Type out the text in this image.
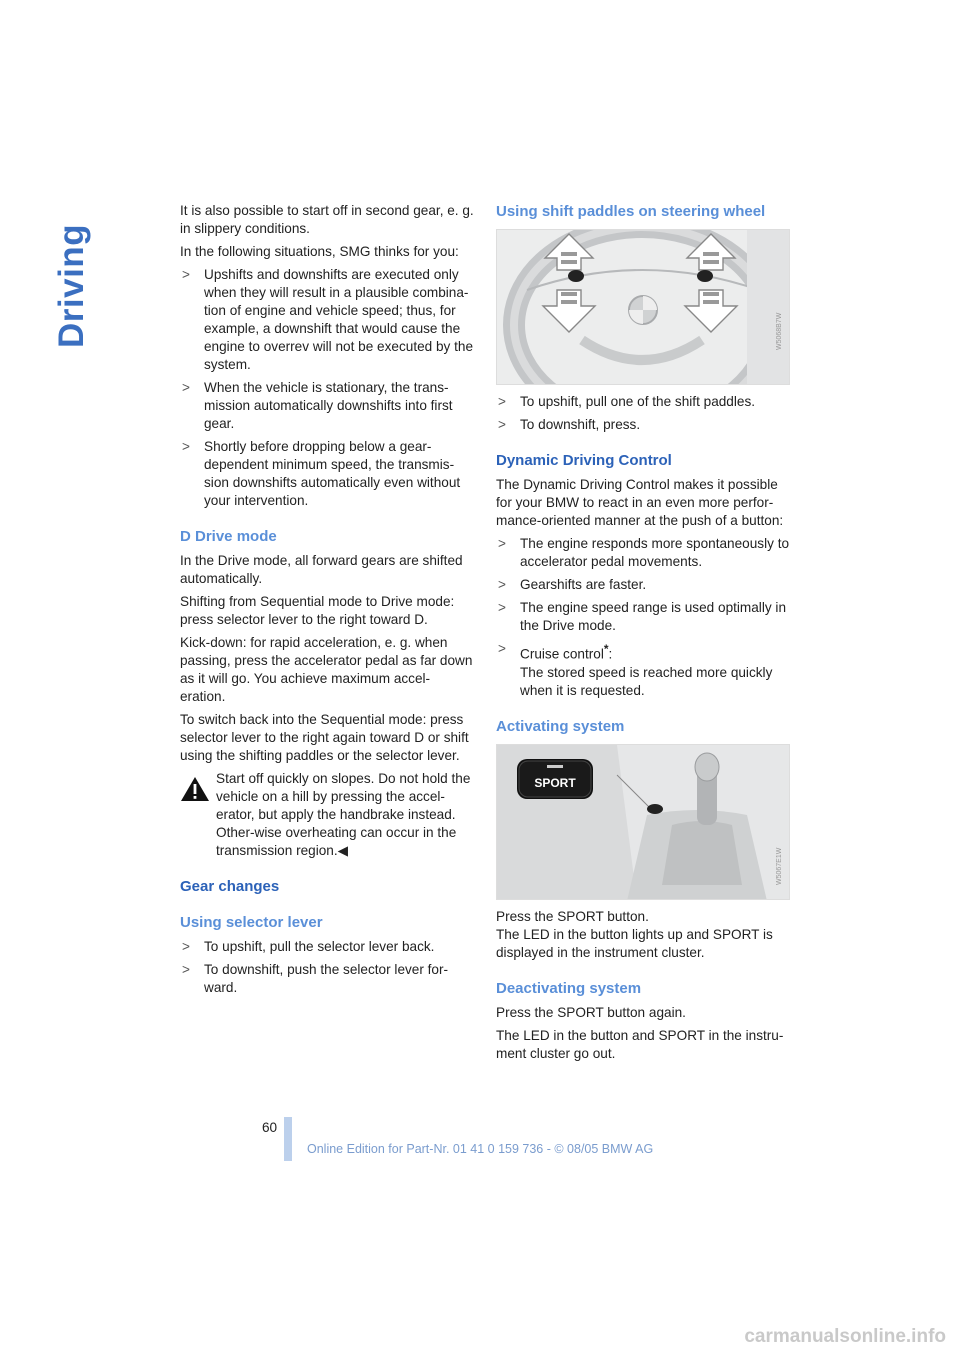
Driving

It is also possible to start off in second gear, e. g. in slippery conditions.

In the following situations, SMG thinks for you:

> Upshifts and downshifts are executed only when they will result in a plausible combina-tion of engine and vehicle speed; thus, for example, a downshift that would cause the engine to overrev will not be executed by the system.
> When the vehicle is stationary, the trans-mission automatically downshifts into first gear.
> Shortly before dropping below a gear-dependent minimum speed, the transmis-sion downshifts automatically even without your intervention.
D Drive mode

In the Drive mode, all forward gears are shifted automatically.

Shifting from Sequential mode to Drive mode: press selector lever to the right toward D.

Kick-down: for rapid acceleration, e. g. when passing, press the accelerator pedal as far down as it will go. You achieve maximum accel-eration.

To switch back into the Sequential mode: press selector lever to the right again toward D or shift using the shifting paddles or the selector lever.

Start off quickly on slopes. Do not hold the vehicle on a hill by pressing the accel-erator, but apply the handbrake instead. Other-wise overheating can occur in the transmission region.◀
Gear changes
Using selector lever
> To upshift, pull the selector lever back.
> To downshift, push the selector lever for-ward.
Using shift paddles on steering wheel
W5068B7W
> To upshift, pull one of the shift paddles.
> To downshift, press.
Dynamic Driving Control

The Dynamic Driving Control makes it possible for your BMW to react in an even more perfor-mance-oriented manner at the push of a button:

> The engine responds more spontaneously to accelerator pedal movements.
> Gearshifts are faster.
> The engine speed range is used optimally in the Drive mode.
> Cruise control*:
The stored speed is reached more quickly when it is requested.
Activating system
SPORT
W5067E1W

Press the SPORT button.

The LED in the button lights up and SPORT is displayed in the instrument cluster.

Deactivating system

Press the SPORT button again.

The LED in the button and SPORT in the instru-ment cluster go out.

60
Online Edition for Part-Nr. 01 41 0 159 736 - © 08/05 BMW AG
carmanualsonline.info
